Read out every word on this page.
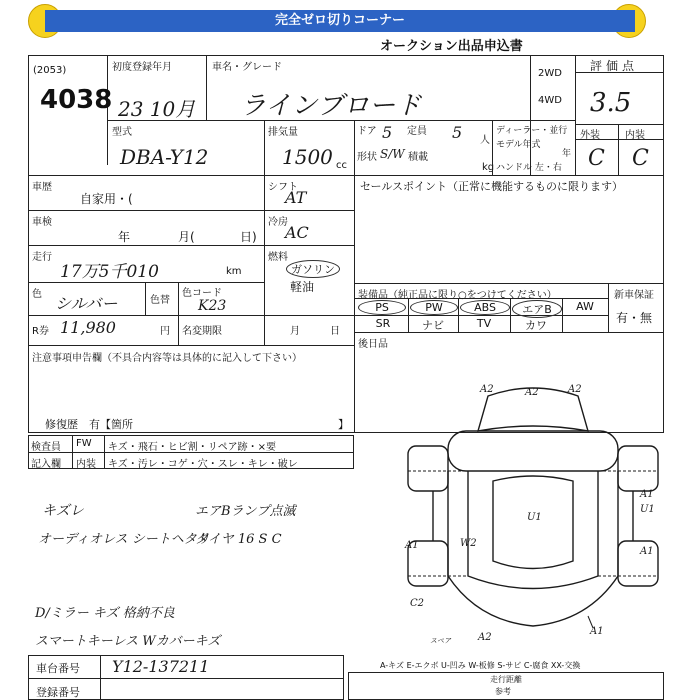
完全ゼロ切りコーナー
オークション出品申込書
(2053)
4038
初度登録年月
23 10月
車名・グレード
ラインブロード
2WD
4WD
評価点
3.5
型式
DBA-Y12
排気量
1500 cc
ドア 5 定員 5 人
形状 S/W 積載
kg
ディーラー・並行
モデル年式
年
ハンドル 左・右
外装	内装
C C
車歴
自家用・(
シフト
AT
セールスポイント（正常に機能するものに限ります）
車検
年	月(	日)
冷房
AC
走行
17万5千010	km
燃料
ガソリン
軽油
色 シルバー	色替
色コード
K23
R券 11,980	円 名変期限	月	日
装備品（純正品に限り○をつけてください）	新車保証
有・無
PS	PW	ABS	エアB	AW
SR	ナビ	TV	カワ
後日品
注意事項申告欄（不具合内容等は具体的に記入して下さい）
修復歴　有【箇所	】
検査員 FW キズ・飛石・ヒビ割・リペア跡・×要
記入欄 内装 キズ・汚レ・コゲ・穴・スレ・キレ・破レ
キズレ
オーディオレス シートヘタリ
D/ミラー キズ 格納不良
スマートキーレス Wカバーキズ
エアBランプ点滅
タイヤ 16 S C
車台番号 Y12-137211
登録番号
A2	A2	A2
U1
W2
A1
U1
A1
A1
C2
A2
A1
スペア
A-キズ E-エクボ U-凹み W-板修 S-サビ C-腐食 XX-交換
走行距離
参考
